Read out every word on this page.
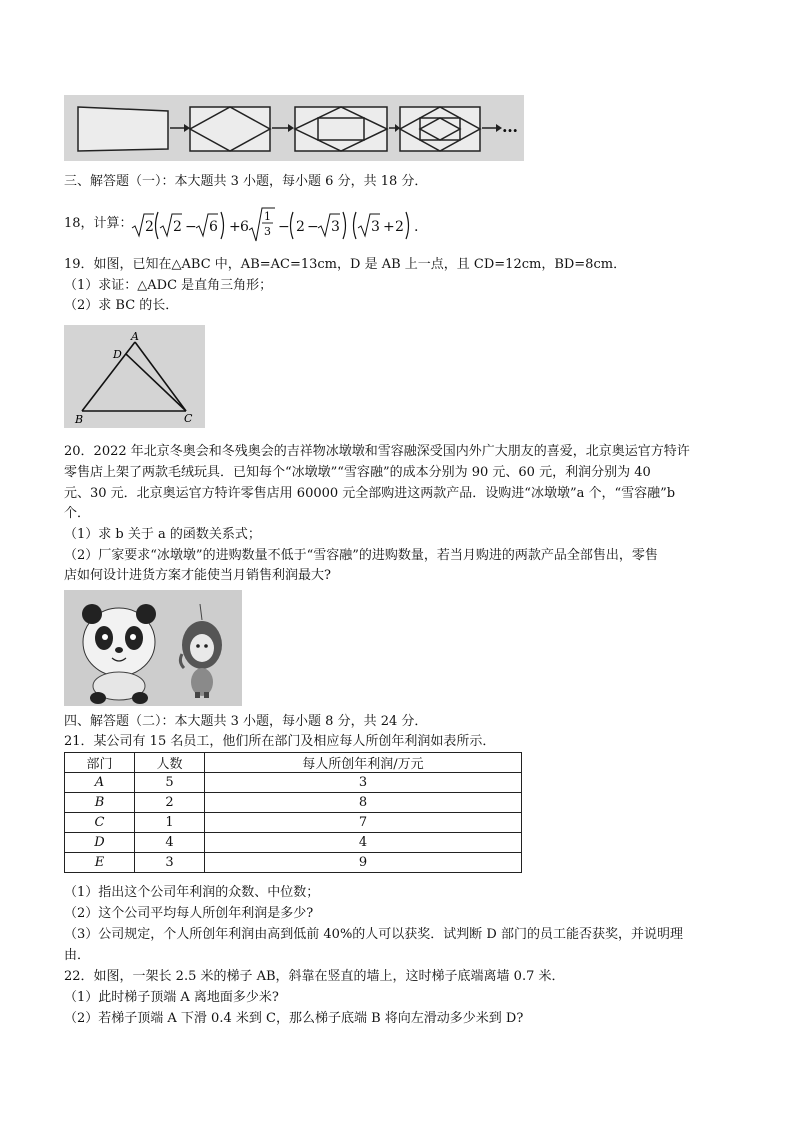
…
三、解答题（一）：本大题共 3 小题，每小题 6 分，共 18 分．
18，计算： 2 2 − 6 + 6
1
3 − 2 − 3 3 + 2 .
19．如图，已知在△ABC 中，AB=AC=13cm，D 是 AB 上一点，且 CD=12cm，BD=8cm．
（1）求证：△ADC 是直角三角形；
（2）求 BC 的长．
A
D
B	C
20．2022 年北京冬奥会和冬残奥会的吉祥物冰墩墩和雪容融深受国内外广大朋友的喜爱，北京奥运官方特许
零售店上架了两款毛绒玩具．已知每个“冰墩墩”“雪容融”的成本分别为 90 元、60 元，利润分别为 40
元、30 元．北京奥运官方特许零售店用 60000 元全部购进这两款产品．设购进“冰墩墩”a 个，“雪容融”b
个．
（1）求 b 关于 a 的函数关系式；
（2）厂家要求“冰墩墩”的进购数量不低于“雪容融”的进购数量，若当月购进的两款产品全部售出，零售
店如何设计进货方案才能使当月销售利润最大?
四、解答题（二）：本大题共 3 小题，每小题 8 分，共 24 分．
21．某公司有 15 名员工，他们所在部门及相应每人所创年利润如表所示．
部门	人数	每人所创年利润/万元
A	5	3
B	2	8
C	1	7
D	4	4
E	3	9
（1）指出这个公司年利润的众数、中位数；
（2）这个公司平均每人所创年利润是多少?
（3）公司规定，个人所创年利润由高到低前 40%的人可以获奖．试判断 D 部门的员工能否获奖，并说明理
由．
22．如图，一架长 2.5 米的梯子 AB，斜靠在竖直的墙上，这时梯子底端离墙 0.7 米．
（1）此时梯子顶端 A 离地面多少米?
（2）若梯子顶端 A 下滑 0.4 米到 C，那么梯子底端 B 将向左滑动多少米到 D?
